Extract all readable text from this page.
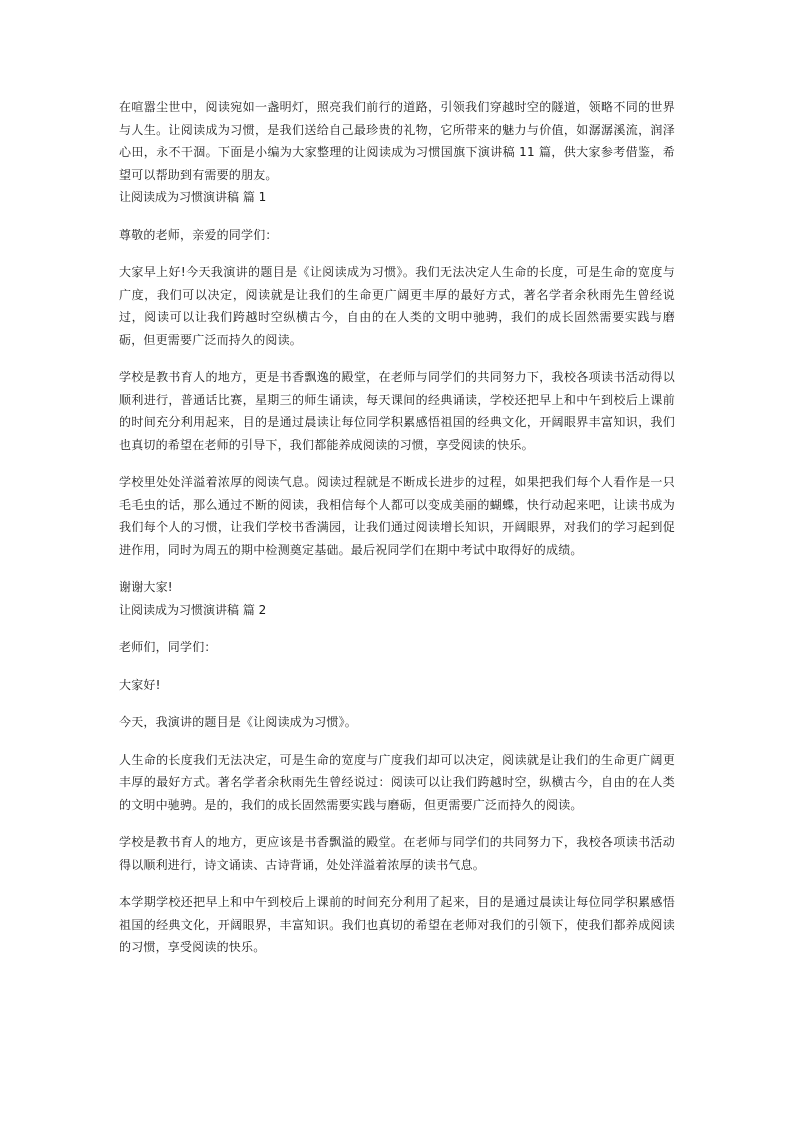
在喧嚣尘世中，阅读宛如一盏明灯，照亮我们前行的道路，引领我们穿越时空的隧道，领略不同的世界与人生。让阅读成为习惯，是我们送给自己最珍贵的礼物，它所带来的魅力与价值，如潺潺溪流，润泽心田，永不干涸。下面是小编为大家整理的让阅读成为习惯国旗下演讲稿 11 篇，供大家参考借鉴，希望可以帮助到有需要的朋友。

让阅读成为习惯演讲稿 篇 1

尊敬的老师，亲爱的同学们：

大家早上好!今天我演讲的题目是《让阅读成为习惯》。我们无法决定人生命的长度，可是生命的宽度与广度，我们可以决定，阅读就是让我们的生命更广阔更丰厚的最好方式，著名学者余秋雨先生曾经说过，阅读可以让我们跨越时空纵横古今，自由的在人类的文明中驰骋，我们的成长固然需要实践与磨砺，但更需要广泛而持久的阅读。

学校是教书育人的地方，更是书香飘逸的殿堂，在老师与同学们的共同努力下，我校各项读书活动得以顺利进行，普通话比赛，星期三的师生诵读，每天课间的经典诵读，学校还把早上和中午到校后上课前的时间充分利用起来，目的是通过晨读让每位同学积累感悟祖国的经典文化，开阔眼界丰富知识，我们也真切的希望在老师的引导下，我们都能养成阅读的习惯，享受阅读的快乐。

学校里处处洋溢着浓厚的阅读气息。阅读过程就是不断成长进步的过程，如果把我们每个人看作是一只毛毛虫的话，那么通过不断的阅读，我相信每个人都可以变成美丽的蝴蝶，快行动起来吧，让读书成为我们每个人的习惯，让我们学校书香满园，让我们通过阅读增长知识，开阔眼界，对我们的学习起到促进作用，同时为周五的期中检测奠定基础。最后祝同学们在期中考试中取得好的成绩。

谢谢大家!

让阅读成为习惯演讲稿 篇 2

老师们，同学们：

大家好!

今天，我演讲的题目是《让阅读成为习惯》。

人生命的长度我们无法决定，可是生命的宽度与广度我们却可以决定，阅读就是让我们的生命更广阔更丰厚的最好方式。著名学者余秋雨先生曾经说过：阅读可以让我们跨越时空，纵横古今，自由的在人类的文明中驰骋。是的，我们的成长固然需要实践与磨砺，但更需要广泛而持久的阅读。

学校是教书育人的地方，更应该是书香飘溢的殿堂。在老师与同学们的共同努力下，我校各项读书活动得以顺利进行，诗文诵读、古诗背诵，处处洋溢着浓厚的读书气息。

本学期学校还把早上和中午到校后上课前的时间充分利用了起来，目的是通过晨读让每位同学积累感悟祖国的经典文化，开阔眼界，丰富知识。我们也真切的希望在老师对我们的引领下，使我们都养成阅读的习惯，享受阅读的快乐。
